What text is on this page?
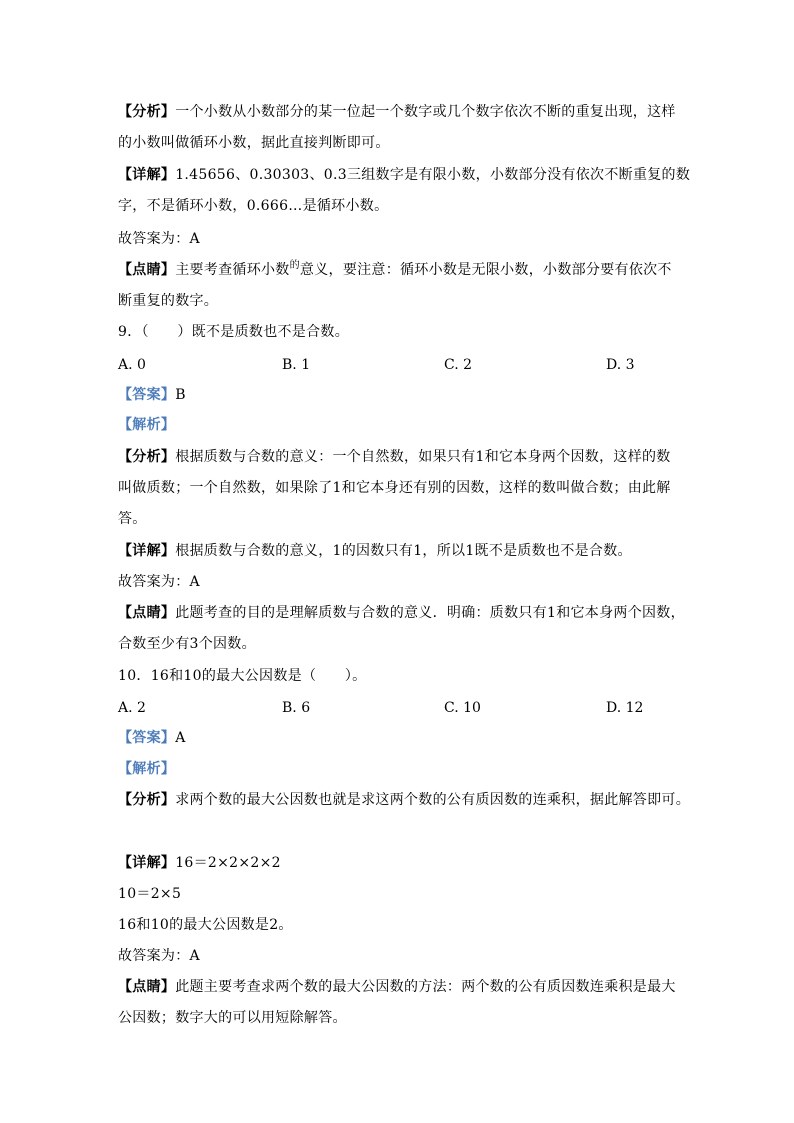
【分析】一个小数从小数部分的某一位起一个数字或几个数字依次不断的重复出现，这样
的小数叫做循环小数，据此直接判断即可。
【详解】1.45656、0.30303、0.3三组数字是有限小数，小数部分没有依次不断重复的数
字，不是循环小数，0.666…是循环小数。
故答案为：A
【点睛】主要考查循环小数$^的$意义，要注意：循环小数是无限小数，小数部分要有依次不
断重复的数字。
9．（　　）既不是质数也不是合数。
A. 0	B. 1	C. 2	D. 3
【答案】B
【解析】
【分析】根据质数与合数的意义：一个自然数，如果只有1和它本身两个因数，这样的数
叫做质数；一个自然数，如果除了1和它本身还有别的因数，这样的数叫做合数；由此解
答。
【详解】根据质数与合数的意义，1的因数只有1，所以1既不是质数也不是合数。
故答案为：A
【点睛】此题考查的目的是理解质数与合数的意义．明确：质数只有1和它本身两个因数，
合数至少有3个因数。
10．16和10的最大公因数是（　　）。
A. 2	B. 6	C. 10	D. 12
【答案】A
【解析】
【分析】求两个数的最大公因数也就是求这两个数的公有质因数的连乘积，据此解答即可。
【详解】16＝2×2×2×2
10＝2×5
16和10的最大公因数是2。
故答案为：A
【点睛】此题主要考查求两个数的最大公因数的方法：两个数的公有质因数连乘积是最大
公因数；数字大的可以用短除解答。
